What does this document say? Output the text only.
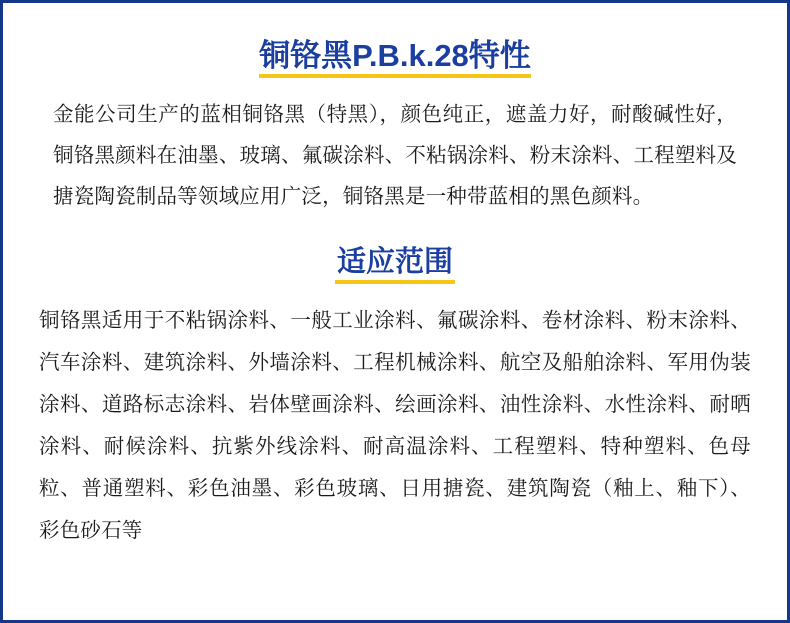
铜铬黑P.B.k.28特性

金能公司生产的蓝相铜铬黑（特黑），颜色纯正，遮盖力好，耐酸碱性好，铜铬黑颜料在油墨、玻璃、氟碳涂料、不粘锅涂料、粉末涂料、工程塑料及搪瓷陶瓷制品等领域应用广泛，铜铬黑是一种带蓝相的黑色颜料。

适应范围

铜铬黑适用于不粘锅涂料、一般工业涂料、氟碳涂料、卷材涂料、粉末涂料、汽车涂料、建筑涂料、外墙涂料、工程机械涂料、航空及船舶涂料、军用伪装涂料、道路标志涂料、岩体壁画涂料、绘画涂料、油性涂料、水性涂料、耐晒涂料、耐候涂料、抗紫外线涂料、耐高温涂料、工程塑料、特种塑料、色母粒、普通塑料、彩色油墨、彩色玻璃、日用搪瓷、建筑陶瓷（釉上、釉下）、彩色砂石等
